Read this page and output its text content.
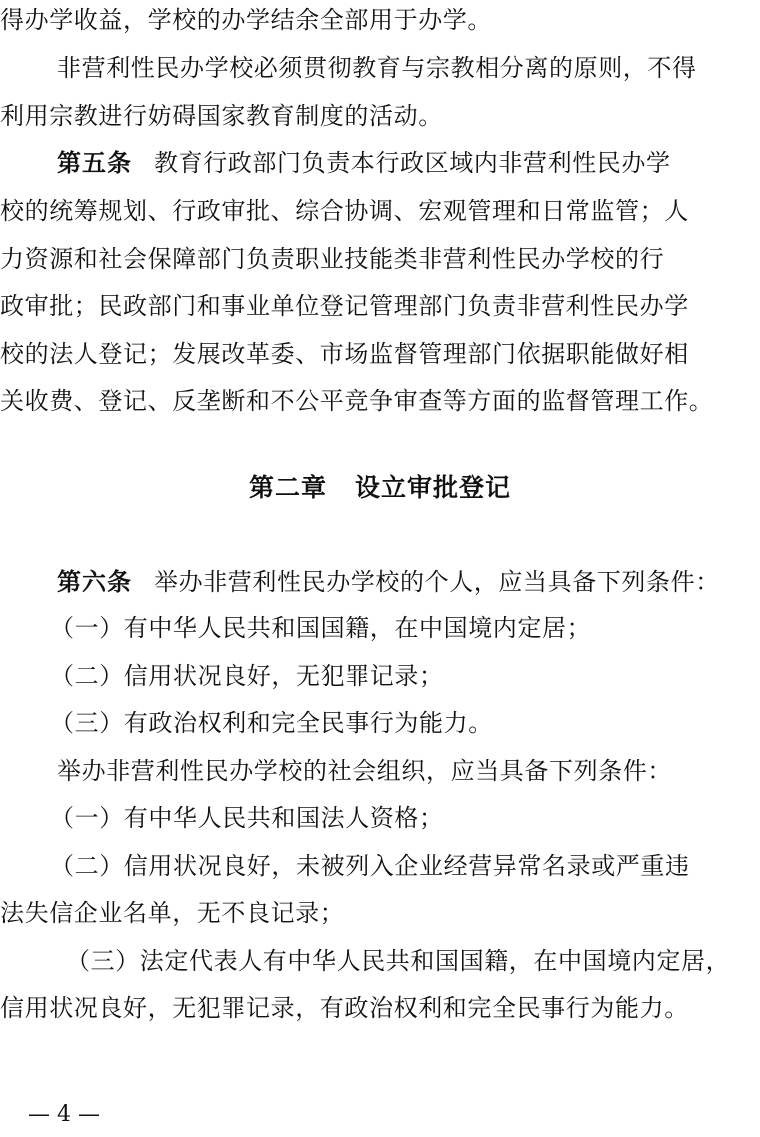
得办学收益，学校的办学结余全部用于办学。
非营利性民办学校必须贯彻教育与宗教相分离的原则，不得
利用宗教进行妨碍国家教育制度的活动。
第五条 教育行政部门负责本行政区域内非营利性民办学
校的统筹规划、行政审批、综合协调、宏观管理和日常监管；人
力资源和社会保障部门负责职业技能类非营利性民办学校的行
政审批；民政部门和事业单位登记管理部门负责非营利性民办学
校的法人登记；发展改革委、市场监督管理部门依据职能做好相
关收费、登记、反垄断和不公平竞争审查等方面的监督管理工作。
第二章 设立审批登记
第六条 举办非营利性民办学校的个人，应当具备下列条件：
（一）有中华人民共和国国籍，在中国境内定居；
（二）信用状况良好，无犯罪记录；
（三）有政治权利和完全民事行为能力。
举办非营利性民办学校的社会组织，应当具备下列条件：
（一）有中华人民共和国法人资格；
（二）信用状况良好，未被列入企业经营异常名录或严重违
法失信企业名单，无不良记录；
（三）法定代表人有中华人民共和国国籍，在中国境内定居，
信用状况良好，无犯罪记录，有政治权利和完全民事行为能力。
— 4 —
